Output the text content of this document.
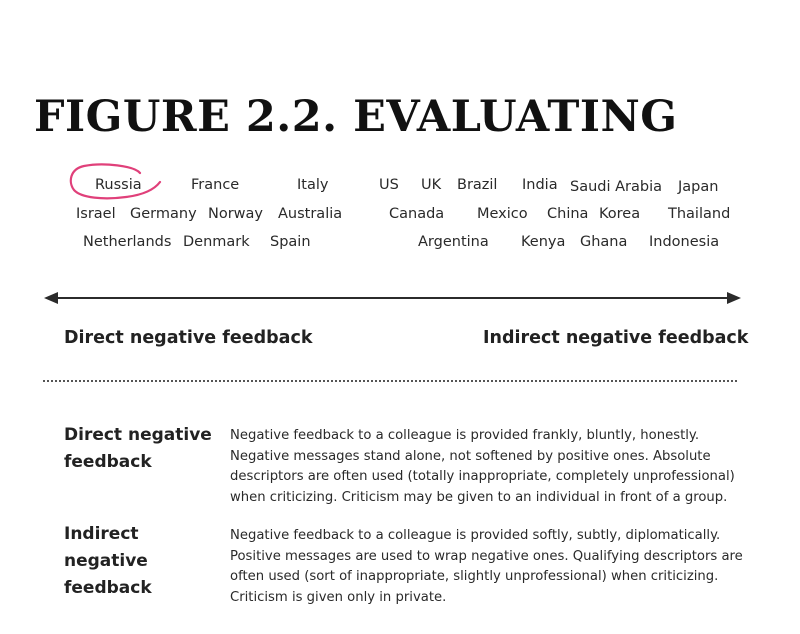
FIGURE 2.2. EVALUATING
Russia	France	Italy	US UK Brazil India Saudi Arabia Japan
Israel Germany Norway Australia	Canada Mexico China Korea Thailand
Netherlands Denmark Spain	Argentina Kenya Ghana Indonesia
Direct negative feedback	Indirect negative feedback
Direct negative
feedback
Negative feedback to a colleague is provided frankly, bluntly, honestly.
Negative messages stand alone, not softened by positive ones. Absolute
descriptors are often used (totally inappropriate, completely unprofessional)
when criticizing. Criticism may be given to an individual in front of a group.
Indirect negative
feedback
Negative feedback to a colleague is provided softly, subtly, diplomatically.
Positive messages are used to wrap negative ones. Qualifying descriptors are
often used (sort of inappropriate, slightly unprofessional) when criticizing.
Criticism is given only in private.
